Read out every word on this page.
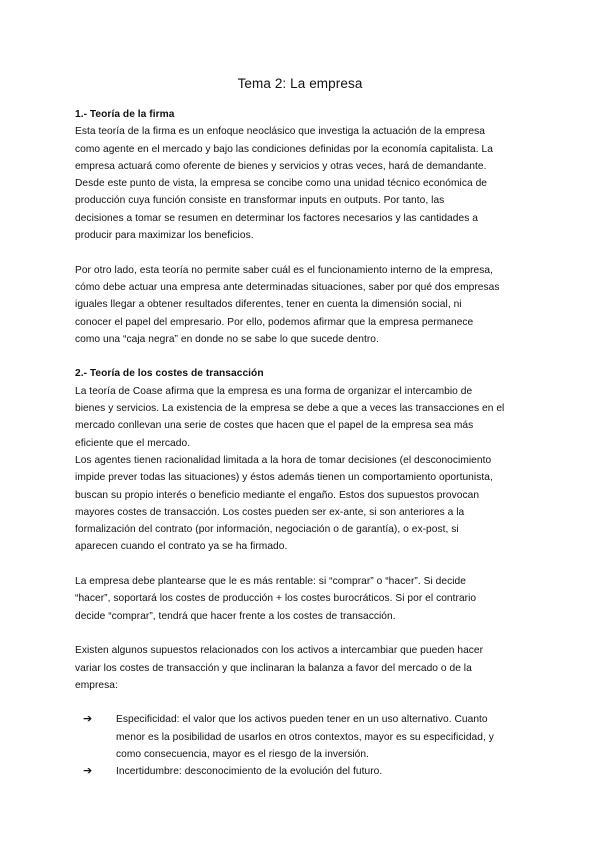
Tema 2: La empresa

1.- Teoría de la firma

Esta teoría de la firma es un enfoque neoclásico que investiga la actuación de la empresa

como agente en el mercado y bajo las condiciones definidas por la economía capitalista. La

empresa actuará como oferente de bienes y servicios y otras veces, hará de demandante.

Desde este punto de vista, la empresa se concibe como una unidad técnico económica de

producción cuya función consiste en transformar inputs en outputs. Por tanto, las

decisiones a tomar se resumen en determinar los factores necesarios y las cantidades a

producir para maximizar los beneficios.

Por otro lado, esta teoría no permite saber cuál es el funcionamiento interno de la empresa,

cómo debe actuar una empresa ante determinadas situaciones, saber por qué dos empresas

iguales llegar a obtener resultados diferentes, tener en cuenta la dimensión social, ni

conocer el papel del empresario. Por ello, podemos afirmar que la empresa permanece

como una “caja negra” en donde no se sabe lo que sucede dentro.

2.- Teoría de los costes de transacción

La teoría de Coase afirma que la empresa es una forma de organizar el intercambio de

bienes y servicios. La existencia de la empresa se debe a que a veces las transacciones en el

mercado conllevan una serie de costes que hacen que el papel de la empresa sea más

eficiente que el mercado.

Los agentes tienen racionalidad limitada a la hora de tomar decisiones (el desconocimiento

impide prever todas las situaciones) y éstos además tienen un comportamiento oportunista,

buscan su propio interés o beneficio mediante el engaño. Estos dos supuestos provocan

mayores costes de transacción. Los costes pueden ser ex-ante, si son anteriores a la

formalización del contrato (por información, negociación o de garantía), o ex-post, si

aparecen cuando el contrato ya se ha firmado.

La empresa debe plantearse que le es más rentable: si “comprar” o “hacer”. Si decide

“hacer”, soportará los costes de producción + los costes burocráticos. Si por el contrario

decide “comprar”, tendrá que hacer frente a los costes de transacción.

Existen algunos supuestos relacionados con los activos a intercambiar que pueden hacer

variar los costes de transacción y que inclinaran la balanza a favor del mercado o de la

empresa:

➔ Especificidad: el valor que los activos pueden tener en un uso alternativo. Cuanto

menor es la posibilidad de usarlos en otros contextos, mayor es su especificidad, y

como consecuencia, mayor es el riesgo de la inversión.

➔ Incertidumbre: desconocimiento de la evolución del futuro.
